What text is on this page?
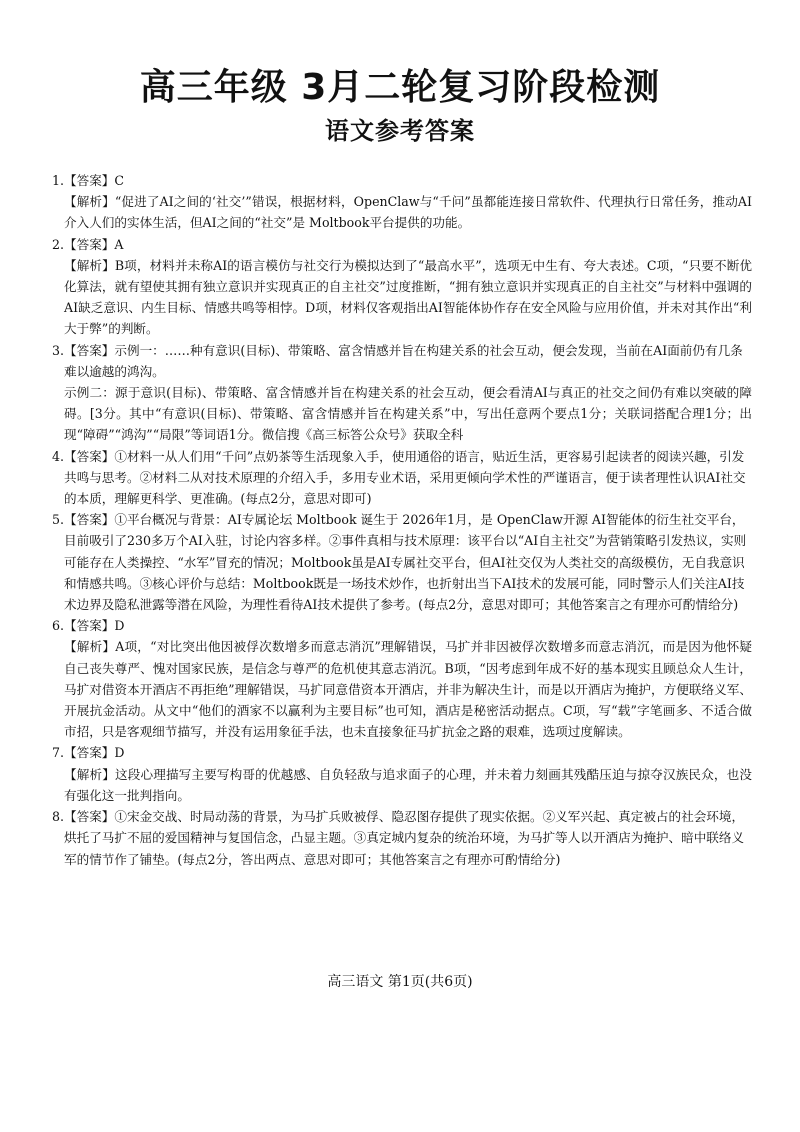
高三年级 3月二轮复习阶段检测
语文参考答案
1. 【答案】C
【解析】“促进了AI之间的‘社交’”错误，根据材料，OpenClaw与“千问”虽都能连接日常软件、代理执行日常任务，推动AI介入人们的实体生活，但AI之间的“社交”是 Moltbook平台提供的功能。
2. 【答案】A
【解析】B项，材料并未称AI的语言模仿与社交行为模拟达到了“最高水平”，选项无中生有、夸大表述。C项，“只要不断优化算法，就有望使其拥有独立意识并实现真正的自主社交”过度推断，“拥有独立意识并实现真正的自主社交”与材料中强调的AI缺乏意识、内生目标、情感共鸣等相悖。D项，材料仅客观指出AI智能体协作存在安全风险与应用价值，并未对其作出“利大于弊”的判断。
3. 【答案】示例一：……种有意识(目标)、带策略、富含情感并旨在构建关系的社会互动，便会发现，当前在AI面前仍有几条难以逾越的鸿沟。
示例二：源于意识(目标)、带策略、富含情感并旨在构建关系的社会互动，便会看清AI与真正的社交之间仍有难以突破的障碍。[3分。其中“有意识(目标)、带策略、富含情感并旨在构建关系”中，写出任意两个要点1分；关联词搭配合理1分；出现“障碍”“鸿沟”“局限”等词语1分。微信搜《高三标答公众号》获取全科
4. 【答案】①材料一从人们用“千问”点奶茶等生活现象入手，使用通俗的语言，贴近生活，更容易引起读者的阅读兴趣，引发共鸣与思考。②材料二从对技术原理的介绍入手，多用专业术语，采用更倾向学术性的严谨语言，便于读者理性认识AI社交的本质，理解更科学、更准确。(每点2分，意思对即可)
5. 【答案】①平台概况与背景：AI专属论坛 Moltbook 诞生于 2026年1月，是 OpenClaw开源 AI智能体的衍生社交平台，目前吸引了230多万个AI入驻，讨论内容多样。②事件真相与技术原理：该平台以“AI自主社交”为营销策略引发热议，实则可能存在人类操控、“水军”冒充的情况；Moltbook虽是AI专属社交平台，但AI社交仅为人类社交的高级模仿，无自我意识和情感共鸣。③核心评价与总结：Moltbook既是一场技术炒作，也折射出当下AI技术的发展可能，同时警示人们关注AI技术边界及隐私泄露等潜在风险，为理性看待AI技术提供了参考。(每点2分，意思对即可；其他答案言之有理亦可酌情给分)
6. 【答案】D
【解析】A项，“对比突出他因被俘次数增多而意志消沉”理解错误，马扩并非因被俘次数增多而意志消沉，而是因为他怀疑自己丧失尊严、愧对国家民族，是信念与尊严的危机使其意志消沉。B项，“因考虑到年成不好的基本现实且顾总众人生计，马扩对借资本开酒店不再拒绝”理解错误，马扩同意借资本开酒店，并非为解决生计，而是以开酒店为掩护，方便联络义军、开展抗金活动。从文中“他们的酒家不以赢利为主要目标”也可知，酒店是秘密活动据点。C项，写“载”字笔画多、不适合做市招，只是客观细节描写，并没有运用象征手法，也未直接象征马扩抗金之路的艰难，选项过度解读。
7. 【答案】D
【解析】这段心理描写主要写构哥的优越感、自负轻敌与追求面子的心理，并未着力刻画其残酷压迫与掠夺汉族民众，也没有强化这一批判指向。
8. 【答案】①宋金交战、时局动荡的背景，为马扩兵败被俘、隐忍图存提供了现实依据。②义军兴起、真定被占的社会环境，烘托了马扩不屈的爱国精神与复国信念，凸显主题。③真定城内复杂的统治环境，为马扩等人以开酒店为掩护、暗中联络义军的情节作了铺垫。(每点2分，答出两点、意思对即可；其他答案言之有理亦可酌情给分)
高三语文 第1页(共6页)
